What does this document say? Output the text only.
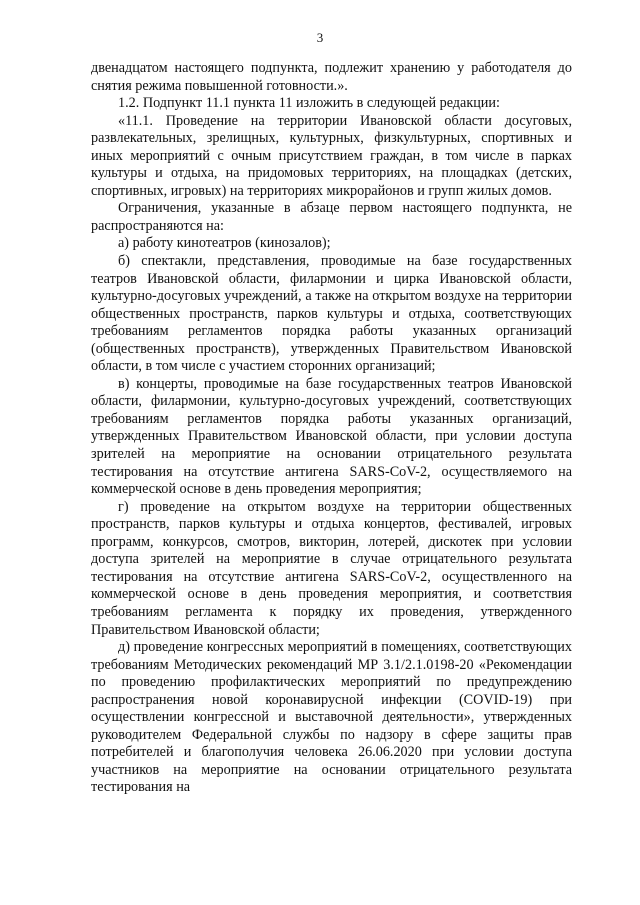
3

двенадцатом настоящего подпункта, подлежит хранению у работодателя до снятия режима повышенной готовности.».

1.2. Подпункт 11.1 пункта 11 изложить в следующей редакции:

«11.1. Проведение на территории Ивановской области досуговых, развлекательных, зрелищных, культурных, физкультурных, спортивных и иных мероприятий с очным присутствием граждан, в том числе в парках культуры и отдыха, на придомовых территориях, на площадках (детских, спортивных, игровых) на территориях микрорайонов и групп жилых домов.

Ограничения, указанные в абзаце первом настоящего подпункта, не распространяются на:

а) работу кинотеатров (кинозалов);

б) спектакли, представления, проводимые на базе государственных театров Ивановской области, филармонии и цирка Ивановской области, культурно-досуговых учреждений, а также на открытом воздухе на территории общественных пространств, парков культуры и отдыха, соответствующих требованиям регламентов порядка работы указанных организаций (общественных пространств), утвержденных Правительством Ивановской области, в том числе с участием сторонних организаций;

в) концерты, проводимые на базе государственных театров Ивановской области, филармонии, культурно-досуговых учреждений, соответствующих требованиям регламентов порядка работы указанных организаций, утвержденных Правительством Ивановской области, при условии доступа зрителей на мероприятие на основании отрицательного результата тестирования на отсутствие антигена SARS-CoV-2, осуществляемого на коммерческой основе в день проведения мероприятия;

г) проведение на открытом воздухе на территории общественных пространств, парков культуры и отдыха концертов, фестивалей, игровых программ, конкурсов, смотров, викторин, лотерей, дискотек при условии доступа зрителей на мероприятие в случае отрицательного результата тестирования на отсутствие антигена SARS-CoV-2, осуществленного на коммерческой основе в день проведения мероприятия, и соответствия требованиям регламента к порядку их проведения, утвержденного Правительством Ивановской области;

д) проведение конгрессных мероприятий в помещениях, соответствующих требованиям Методических рекомендаций МР 3.1/2.1.0198-20 «Рекомендации по проведению профилактических мероприятий по предупреждению распространения новой коронавирусной инфекции (COVID-19) при осуществлении конгрессной и выставочной деятельности», утвержденных руководителем Федеральной службы по надзору в сфере защиты прав потребителей и благополучия человека 26.06.2020 при условии доступа участников на мероприятие на основании отрицательного результата тестирования на
